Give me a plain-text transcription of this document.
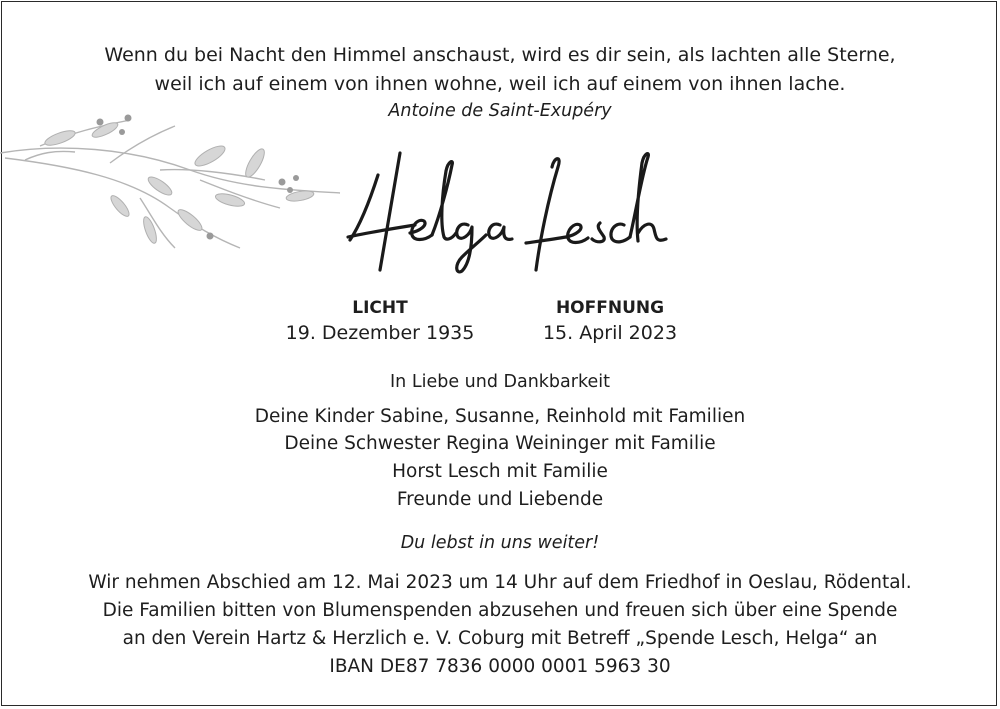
Wenn du bei Nacht den Himmel anschaust, wird es dir sein, als lachten alle Sterne,
weil ich auf einem von ihnen wohne, weil ich auf einem von ihnen lache.
Antoine de Saint-Exupéry
LICHT
19. Dezember 1935
HOFFNUNG
15. April 2023
In Liebe und Dankbarkeit
Deine Kinder Sabine, Susanne, Reinhold mit Familien
Deine Schwester Regina Weininger mit Familie
Horst Lesch mit Familie
Freunde und Liebende
Du lebst in uns weiter!
Wir nehmen Abschied am 12. Mai 2023 um 14 Uhr auf dem Friedhof in Oeslau, Rödental.
Die Familien bitten von Blumenspenden abzusehen und freuen sich über eine Spende
an den Verein Hartz & Herzlich e. V. Coburg mit Betreff „Spende Lesch, Helga“ an
IBAN DE87 7836 0000 0001 5963 30
